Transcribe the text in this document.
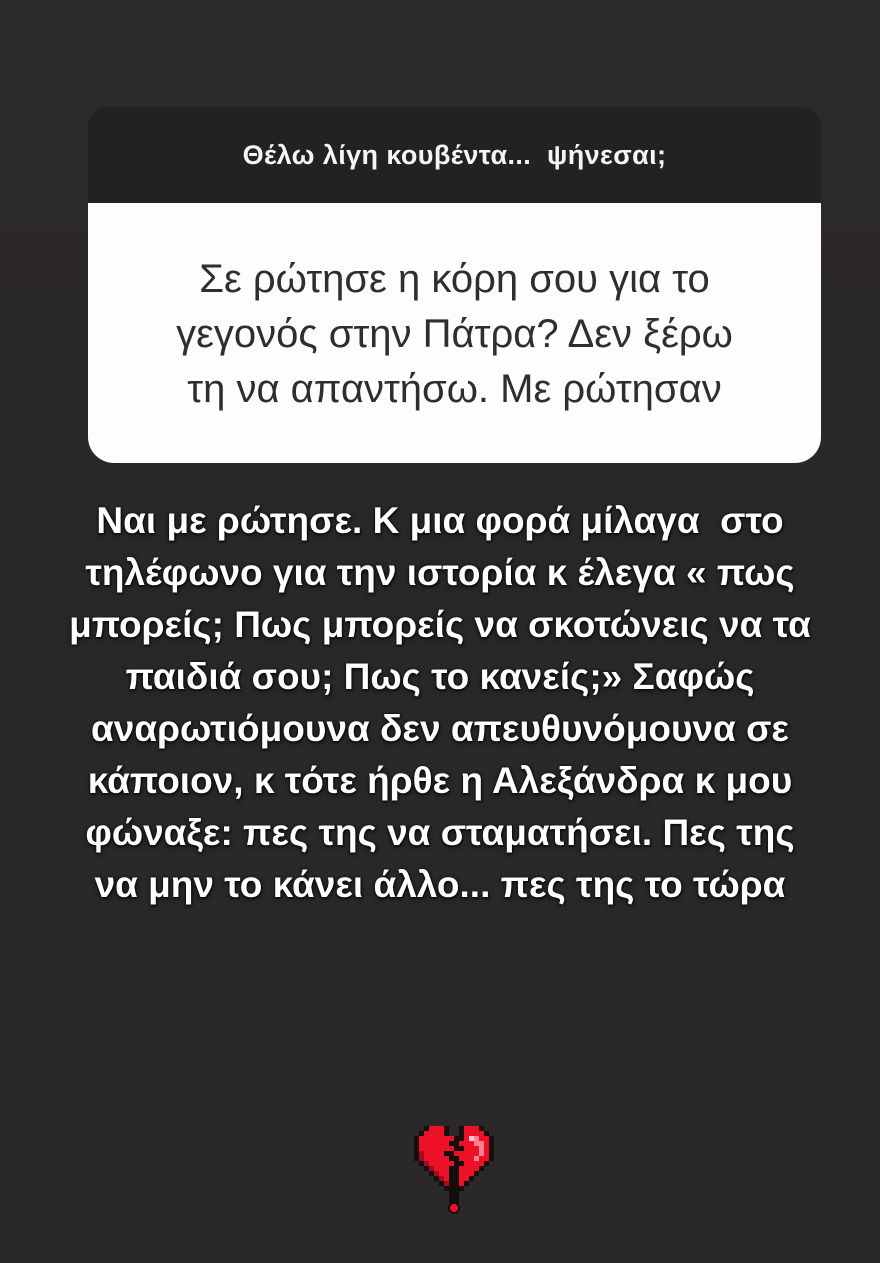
Θέλω λίγη κουβέντα...  ψήνεσαι;
Σε ρώτησε η κόρη σου για το
γεγονός στην Πάτρα? Δεν ξέρω
τη να απαντήσω. Με ρώτησαν
Ναι με ρώτησε. Κ μια φορά μίλαγα  στο
τηλέφωνο για την ιστορία κ έλεγα « πως
μπορείς; Πως μπορείς να σκοτώνεις να τα
παιδιά σου; Πως το κανείς;» Σαφώς
αναρωτιόμουνα δεν απευθυνόμουνα σε
κάποιον, κ τότε ήρθε η Αλεξάνδρα κ μου
φώναξε: πες της να σταματήσει. Πες της
να μην το κάνει άλλο... πες της το τώρα
